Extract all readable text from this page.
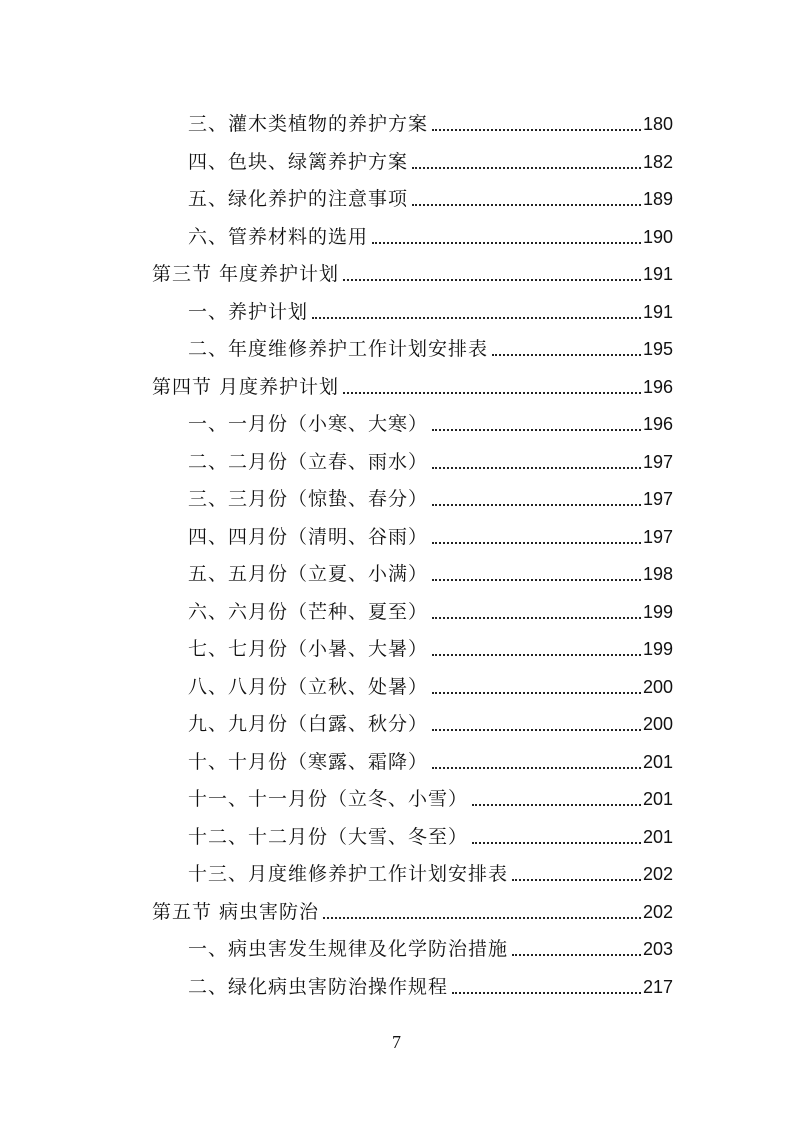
三、灌木类植物的养护方案	180
四、色块、绿篱养护方案	182
五、绿化养护的注意事项	189
六、管养材料的选用	190
第三节 年度养护计划	191
一、养护计划	191
二、年度维修养护工作计划安排表	195
第四节 月度养护计划	196
一、一月份（小寒、大寒）	196
二、二月份（立春、雨水）	197
三、三月份（惊蛰、春分）	197
四、四月份（清明、谷雨）	197
五、五月份（立夏、小满）	198
六、六月份（芒种、夏至）	199
七、七月份（小暑、大暑）	199
八、八月份（立秋、处暑）	200
九、九月份（白露、秋分）	200
十、十月份（寒露、霜降）	201
十一、十一月份（立冬、小雪）	201
十二、十二月份（大雪、冬至）	201
十三、月度维修养护工作计划安排表	202
第五节 病虫害防治	202
一、病虫害发生规律及化学防治措施	203
二、绿化病虫害防治操作规程	217
7
